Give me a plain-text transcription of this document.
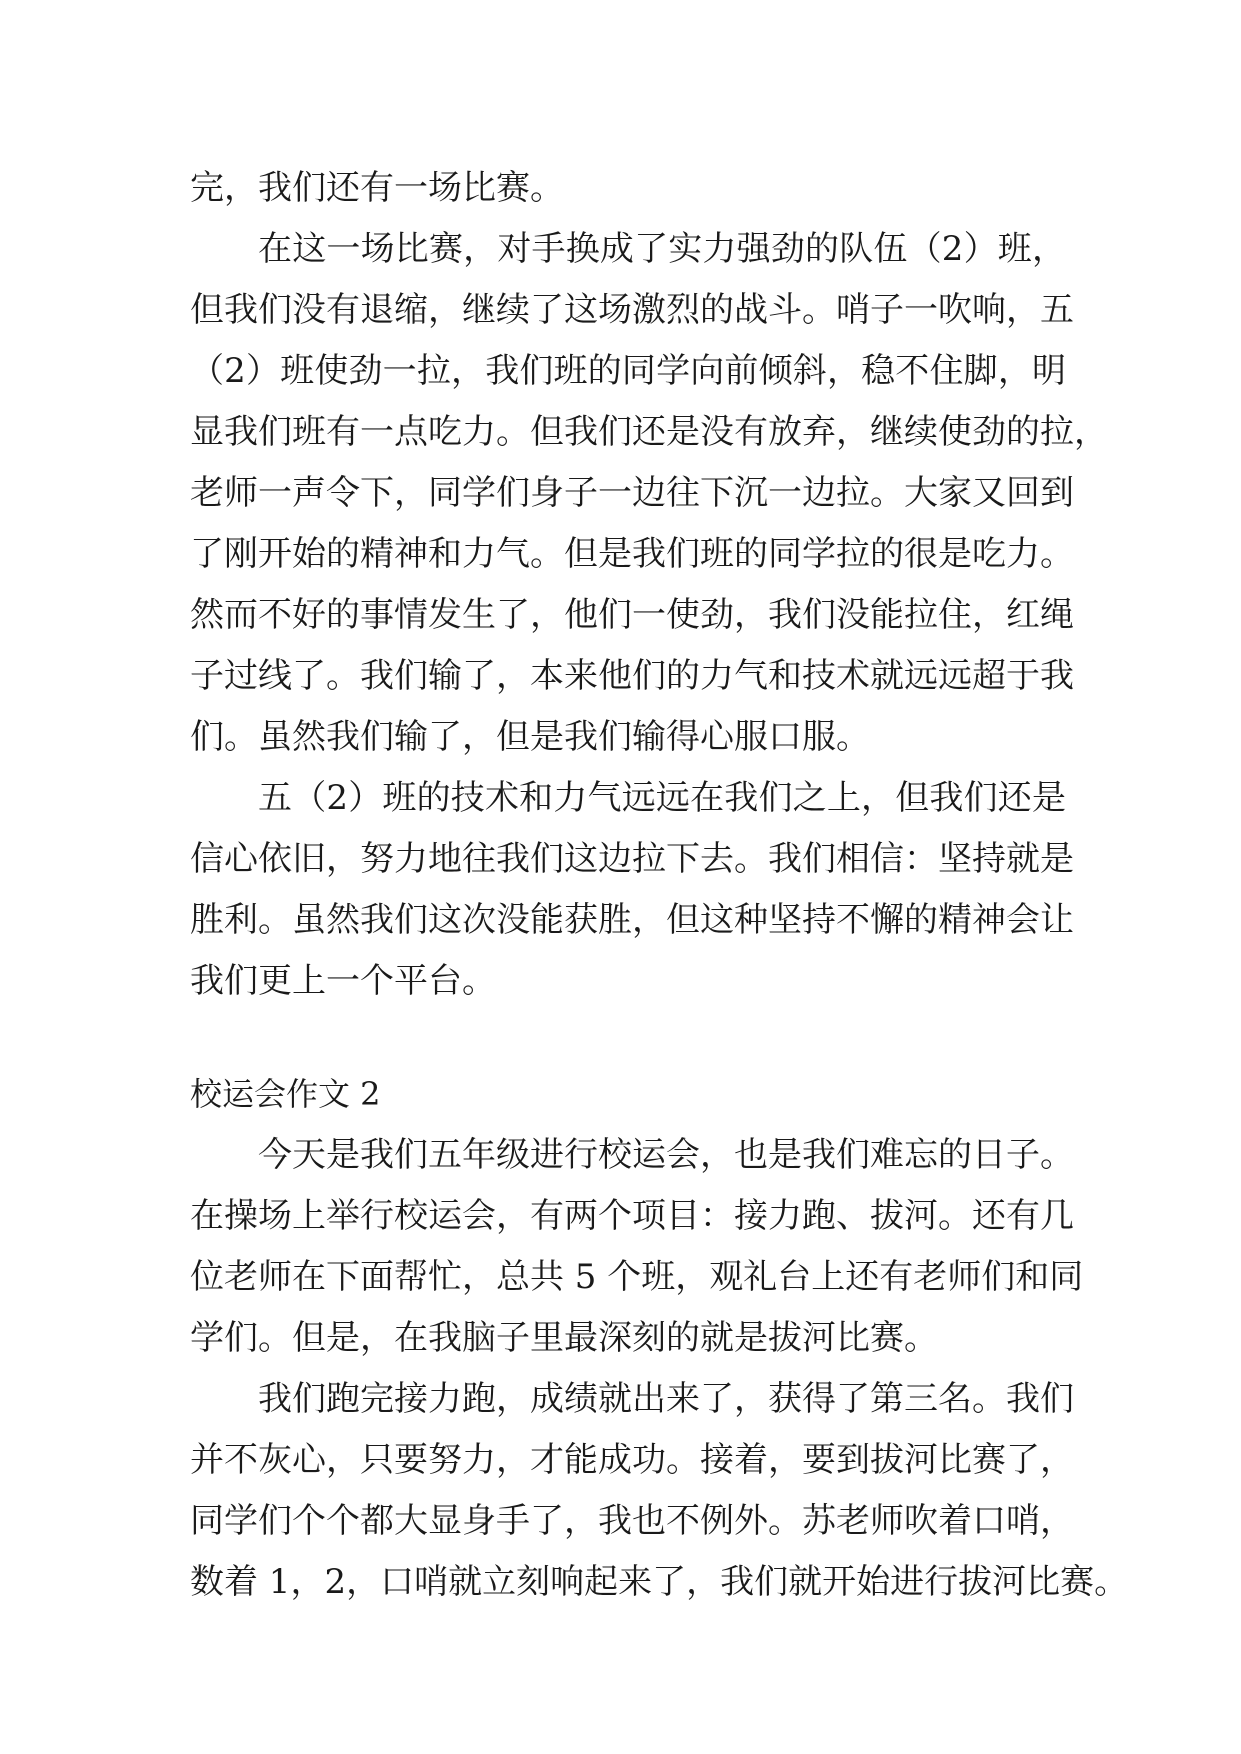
完，我们还有一场比赛。
在这一场比赛，对手换成了实力强劲的队伍（2）班，
但我们没有退缩，继续了这场激烈的战斗。哨子一吹响，五
（2）班使劲一拉，我们班的同学向前倾斜，稳不住脚，明
显我们班有一点吃力。但我们还是没有放弃，继续使劲的拉，
老师一声令下，同学们身子一边往下沉一边拉。大家又回到
了刚开始的精神和力气。但是我们班的同学拉的很是吃力。
然而不好的事情发生了，他们一使劲，我们没能拉住，红绳
子过线了。我们输了，本来他们的力气和技术就远远超于我
们。虽然我们输了，但是我们输得心服口服。
五（2）班的技术和力气远远在我们之上，但我们还是
信心依旧，努力地往我们这边拉下去。我们相信：坚持就是
胜利。虽然我们这次没能获胜，但这种坚持不懈的精神会让
我们更上一个平台。
校运会作文 2
今天是我们五年级进行校运会，也是我们难忘的日子。
在操场上举行校运会，有两个项目：接力跑、拔河。还有几
位老师在下面帮忙，总共 5 个班，观礼台上还有老师们和同
学们。但是，在我脑子里最深刻的就是拔河比赛。
我们跑完接力跑，成绩就出来了，获得了第三名。我们
并不灰心，只要努力，才能成功。接着，要到拔河比赛了，
同学们个个都大显身手了，我也不例外。苏老师吹着口哨，
数着 1，2，口哨就立刻响起来了，我们就开始进行拔河比赛。
